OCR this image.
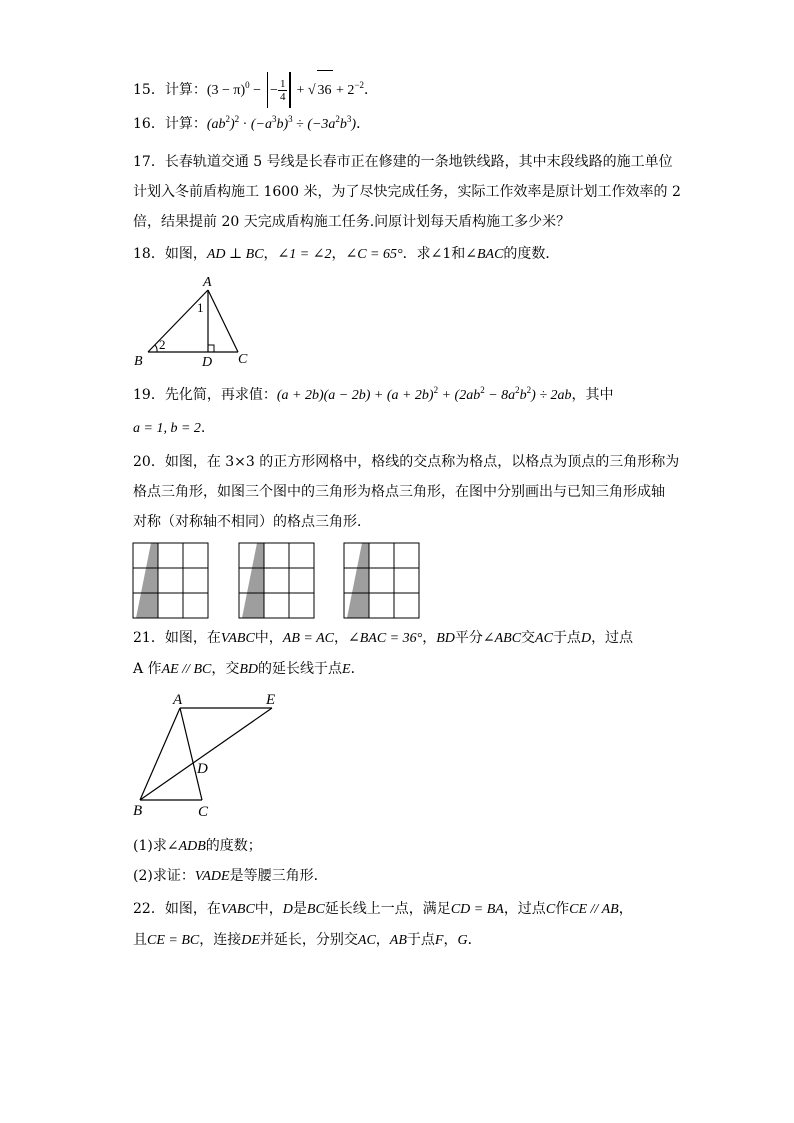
15．计算：$(3 - \pi)^0$ − − $\frac{1}{4}$ + √ $36 + 2^{-2}$．
16．计算：$(ab^2)^2 \cdot (-a^3b)^3 \div (-3a^2b^3)$．
17．长春轨道交通 5 号线是长春市正在修建的一条地铁线路，其中末段线路的施工单位
计划入冬前盾构施工 1600 米，为了尽快完成任务，实际工作效率是原计划工作效率的 2
倍，结果提前 20 天完成盾构施工任务.问原计划每天盾构施工多少米？
18．如图，AD ⊥ BC，∠1 = ∠2，∠C = 65°．求∠1和∠BAC的度数．
A
B	C
D
1
2
19．先化简，再求值：$(a + 2b)(a - 2b) + (a + 2b)^2 + (2ab^2 - 8a^2b^2) \div 2ab$，其中
a = 1, b = 2.
20．如图，在 3×3 的正方形网格中，格线的交点称为格点，以格点为顶点的三角形称为
格点三角形，如图三个图中的三角形为格点三角形，在图中分别画出与已知三角形成轴
对称（对称轴不相同）的格点三角形．
21．如图，在VABC中，AB = AC，∠BAC = 36°，BD平分∠ABC交AC于点D，过点
A 作AE // BC，交BD的延长线于点E．
A	E
D
B	C
(1)求∠ADB的度数；
(2)求证：VADE是等腰三角形.
22．如图，在VABC中，D是BC延长线上一点，满足CD = BA，过点C作CE // AB，
且CE = BC，连接DE并延长，分别交AC，AB于点F，G．
